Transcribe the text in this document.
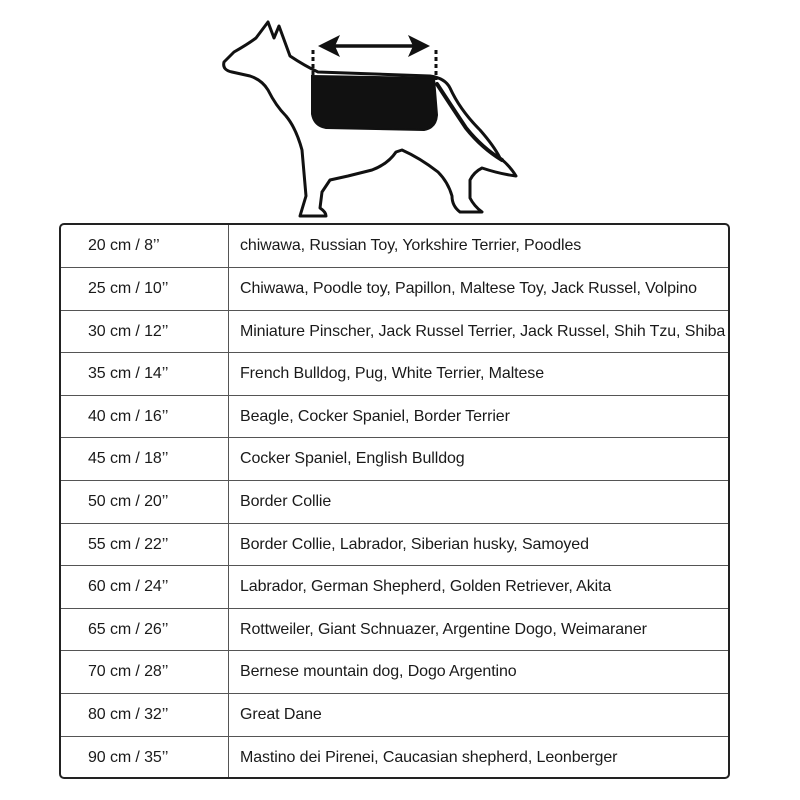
20 cm / 8’’	chiwawa, Russian Toy, Yorkshire Terrier, Poodles
25 cm / 10’’	Chiwawa, Poodle toy, Papillon, Maltese Toy, Jack Russel, Volpino
30 cm / 12’’	Miniature Pinscher, Jack Russel Terrier, Jack Russel, Shih Tzu, Shiba
35 cm / 14’’	French Bulldog, Pug, White Terrier, Maltese
40 cm / 16’’	Beagle, Cocker Spaniel, Border Terrier
45 cm / 18’’	Cocker Spaniel, English Bulldog
50 cm / 20’’	Border Collie
55 cm / 22’’	Border Collie, Labrador, Siberian husky, Samoyed
60 cm / 24’’	Labrador, German Shepherd, Golden Retriever, Akita
65 cm / 26’’	Rottweiler, Giant Schnuazer, Argentine Dogo, Weimaraner
70 cm / 28’’	Bernese mountain dog, Dogo Argentino
80 cm / 32’’	Great Dane
90 cm / 35’’	Mastino dei Pirenei, Caucasian shepherd, Leonberger
